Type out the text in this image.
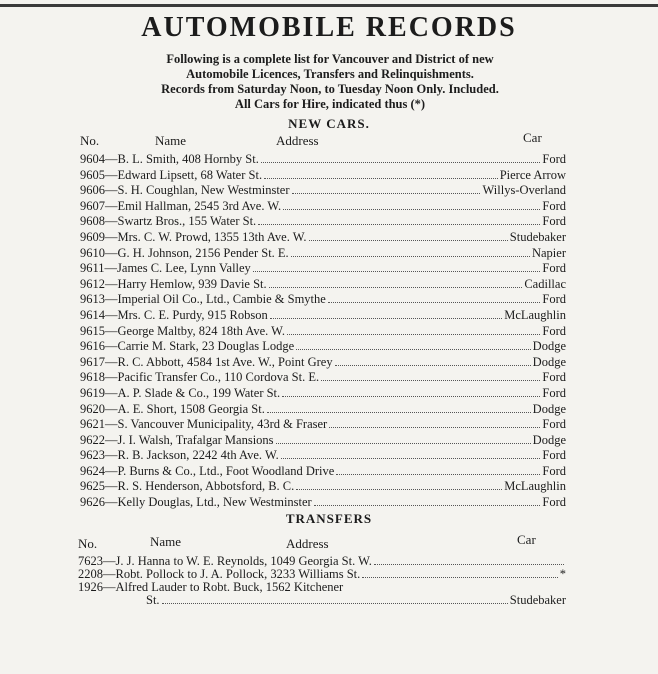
AUTOMOBILE RECORDS
Following is a complete list for Vancouver and District of new
Automobile Licences, Transfers and Relinquishments.
Records from Saturday Noon, to Tuesday Noon Only. Included.
All Cars for Hire, indicated thus (*)
NEW CARS.
No.	Name	Address	Car
9604—B. L. Smith, 408 Hornby St.	Ford
9605—Edward Lipsett, 68 Water St.	Pierce Arrow
9606—S. H. Coughlan, New Westminster	Willys-Overland
9607—Emil Hallman, 2545 3rd Ave. W.	Ford
9608—Swartz Bros., 155 Water St.	Ford
9609—Mrs. C. W. Prowd, 1355 13th Ave. W.	Studebaker
9610—G. H. Johnson, 2156 Pender St. E.	Napier
9611—James C. Lee, Lynn Valley	Ford
9612—Harry Hemlow, 939 Davie St.	Cadillac
9613—Imperial Oil Co., Ltd., Cambie & Smythe	Ford
9614—Mrs. C. E. Purdy, 915 Robson	McLaughlin
9615—George Maltby, 824 18th Ave. W.	Ford
9616—Carrie M. Stark, 23 Douglas Lodge	Dodge
9617—R. C. Abbott, 4584 1st Ave. W., Point Grey	Dodge
9618—Pacific Transfer Co., 110 Cordova St. E.	Ford
9619—A. P. Slade & Co., 199 Water St.	Ford
9620—A. E. Short, 1508 Georgia St.	Dodge
9621—S. Vancouver Municipality, 43rd & Fraser	Ford
9622—J. I. Walsh, Trafalgar Mansions	Dodge
9623—R. B. Jackson, 2242 4th Ave. W.	Ford
9624—P. Burns & Co., Ltd., Foot Woodland Drive	Ford
9625—R. S. Henderson, Abbotsford, B. C.	McLaughlin
9626—Kelly Douglas, Ltd., New Westminster	Ford
TRANSFERS
No.	Name	Address	Car
7623—J. J. Hanna to W. E. Reynolds, 1049 Georgia St. W.
2208—Robt. Pollock to J. A. Pollock, 3233 Williams St.	*
1926—Alfred Lauder to Robt. Buck, 1562 Kitchener
St.	Studebaker
